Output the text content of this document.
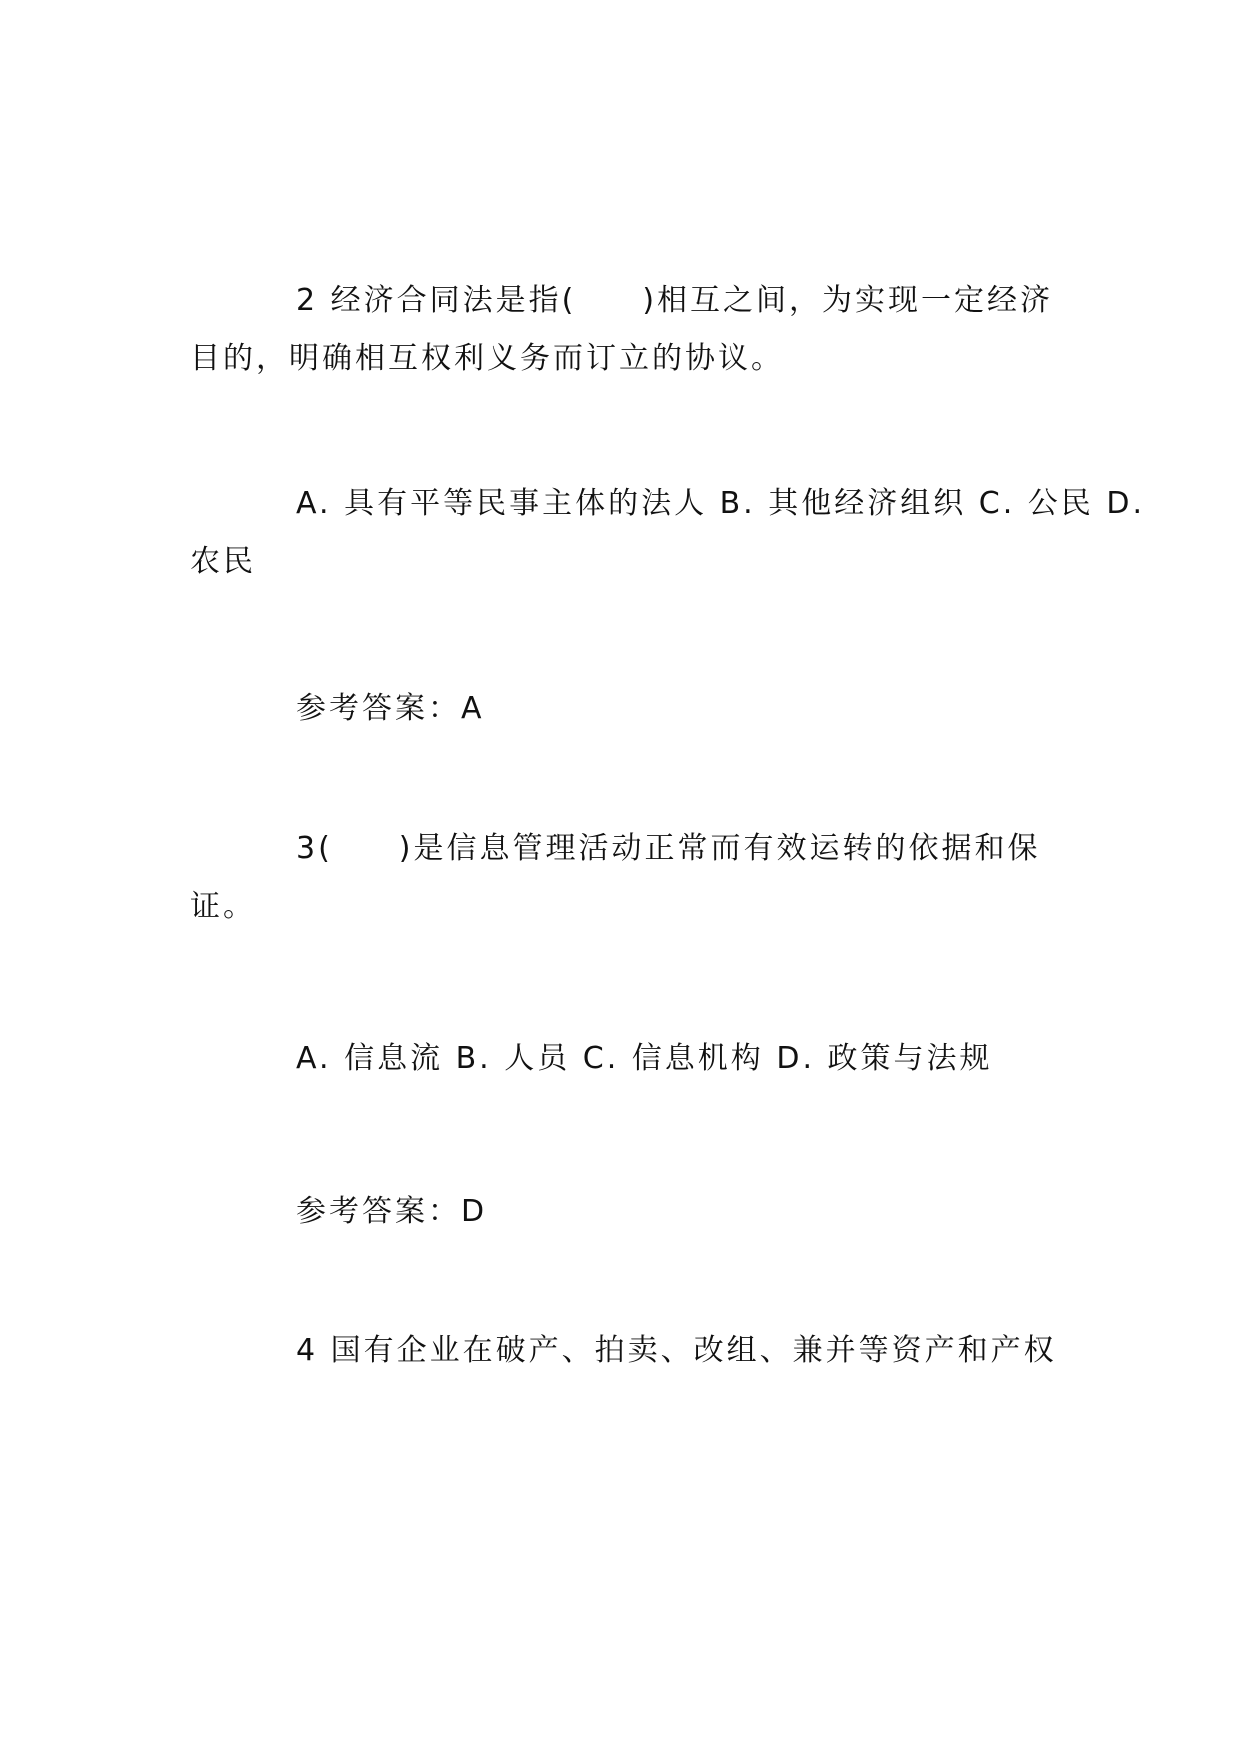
2 经济合同法是指(　　)相互之间，为实现一定经济
目的，明确相互权利义务而订立的协议。

A. 具有平等民事主体的法人 B. 其他经济组织 C. 公民 D.
农民

参考答案：A

3(　　)是信息管理活动正常而有效运转的依据和保
证。

A. 信息流 B. 人员 C. 信息机构 D. 政策与法规

参考答案：D

4 国有企业在破产、拍卖、改组、兼并等资产和产权
